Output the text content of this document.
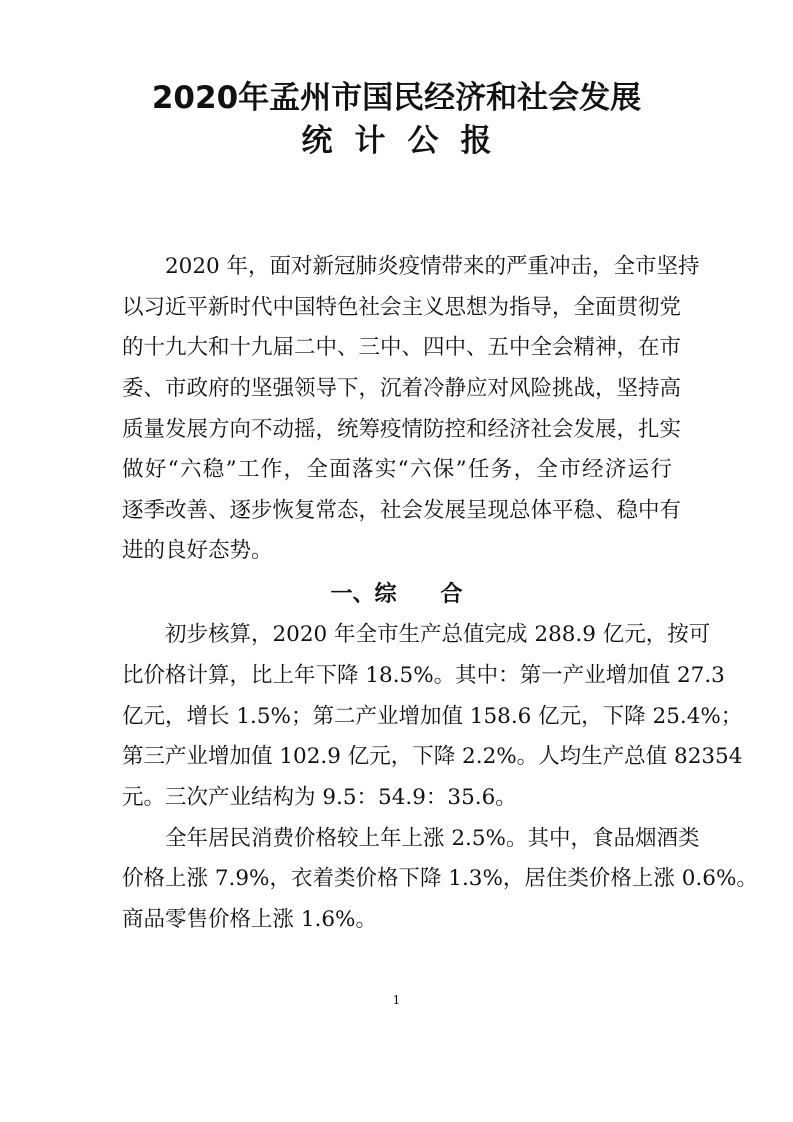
2020年孟州市国民经济和社会发展
统计公报
2020 年，面对新冠肺炎疫情带来的严重冲击，全市坚持
以习近平新时代中国特色社会主义思想为指导，全面贯彻党
的十九大和十九届二中、三中、四中、五中全会精神，在市
委、市政府的坚强领导下，沉着冷静应对风险挑战，坚持高
质量发展方向不动摇，统筹疫情防控和经济社会发展，扎实
做好“六稳”工作，全面落实“六保”任务，全市经济运行
逐季改善、逐步恢复常态，社会发展呈现总体平稳、稳中有
进的良好态势。
一、综　　合
初步核算，2020 年全市生产总值完成 288.9 亿元，按可
比价格计算，比上年下降 18.5%。其中：第一产业增加值 27.3
亿元，增长 1.5%；第二产业增加值 158.6 亿元，下降 25.4%；
第三产业增加值 102.9 亿元，下降 2.2%。人均生产总值 82354
元。三次产业结构为 9.5：54.9：35.6。
全年居民消费价格较上年上涨 2.5%。其中，食品烟酒类
价格上涨 7.9%，衣着类价格下降 1.3%，居住类价格上涨 0.6%。
商品零售价格上涨 1.6%。
1
